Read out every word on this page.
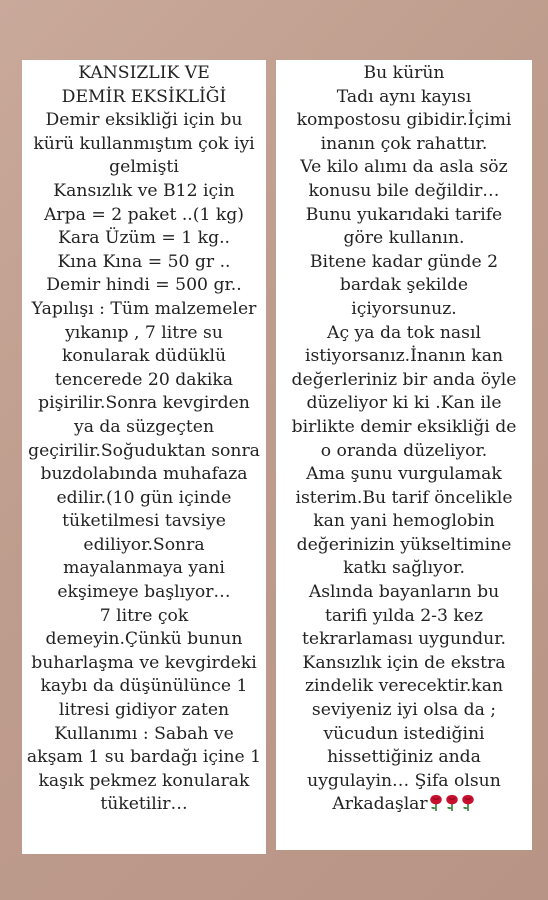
KANSIZLIK VE
DEMİR EKSİKLİĞİ
Demir eksikliği için bu
kürü kullanmıştım çok iyi
gelmişti
Kansızlık ve B12 için
Arpa = 2 paket ..(1 kg)
Kara Üzüm = 1 kg..
Kına Kına = 50 gr ..
Demir hindi = 500 gr..
Yapılışı : Tüm malzemeler
yıkanıp , 7 litre su
konularak düdüklü
tencerede 20 dakika
pişirilir.Sonra kevgirden
ya da süzgeçten
geçirilir.Soğuduktan sonra
buzdolabında muhafaza
edilir.(10 gün içinde
tüketilmesi tavsiye
ediliyor.Sonra
mayalanmaya yani
ekşimeye başlıyor…
7 litre çok
demeyin.Çünkü bunun
buharlaşma ve kevgirdeki
kaybı da düşünülünce 1
litresi gidiyor zaten
Kullanımı : Sabah ve
akşam 1 su bardağı içine 1
kaşık pekmez konularak
tüketilir…
Bu kürün
Tadı aynı kayısı
kompostosu gibidir.İçimi
inanın çok rahattır.
Ve kilo alımı da asla söz
konusu bile değildir…
Bunu yukarıdaki tarife
göre kullanın.
Bitene kadar günde 2
bardak şekilde
içiyorsunuz.
Aç ya da tok nasıl
istiyorsanız.İnanın kan
değerleriniz bir anda öyle
düzeliyor ki ki .Kan ile
birlikte demir eksikliği de
o oranda düzeliyor.
Ama şunu vurgulamak
isterim.Bu tarif öncelikle
kan yani hemoglobin
değerinizin yükseltimine
katkı sağlıyor.
Aslında bayanların bu
tarifi yılda 2-3 kez
tekrarlaması uygundur.
Kansızlık için de ekstra
zindelik verecektir.kan
seviyeniz iyi olsa da ;
vücudun istediğini
hissettiğiniz anda
uygulayin… Şifa olsun
Arkadaşlar
